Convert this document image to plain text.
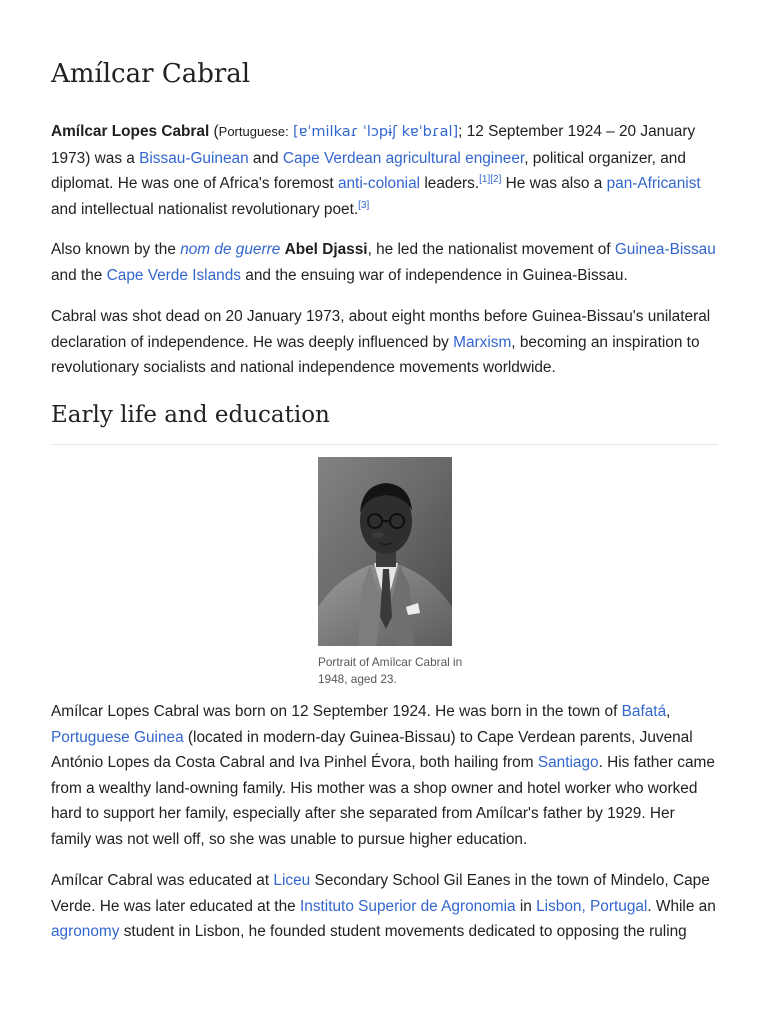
Amílcar Cabral

Amílcar Lopes Cabral (Portuguese: [ɐˈmilkaɾ ˈlɔpɨʃ kɐˈbɾal]; 12 September 1924 – 20 January 1973) was a Bissau-Guinean and Cape Verdean agricultural engineer, political organizer, and diplomat. He was one of Africa's foremost anti-colonial leaders.[1][2] He was also a pan-Africanist and intellectual nationalist revolutionary poet.[3]

Also known by the nom de guerre Abel Djassi, he led the nationalist movement of Guinea-Bissau and the Cape Verde Islands and the ensuing war of independence in Guinea-Bissau.

Cabral was shot dead on 20 January 1973, about eight months before Guinea-Bissau's unilateral declaration of independence. He was deeply influenced by Marxism, becoming an inspiration to revolutionary socialists and national independence movements worldwide.

Early life and education
Portrait of Amílcar Cabral in 1948, aged 23.

Amílcar Lopes Cabral was born on 12 September 1924. He was born in the town of Bafatá, Portuguese Guinea (located in modern-day Guinea-Bissau) to Cape Verdean parents, Juvenal António Lopes da Costa Cabral and Iva Pinhel Évora, both hailing from Santiago. His father came from a wealthy land-owning family. His mother was a shop owner and hotel worker who worked hard to support her family, especially after she separated from Amílcar's father by 1929. Her family was not well off, so she was unable to pursue higher education.

Amílcar Cabral was educated at Liceu Secondary School Gil Eanes in the town of Mindelo, Cape Verde. He was later educated at the Instituto Superior de Agronomia in Lisbon, Portugal. While an agronomy student in Lisbon, he founded student movements dedicated to opposing the ruling
